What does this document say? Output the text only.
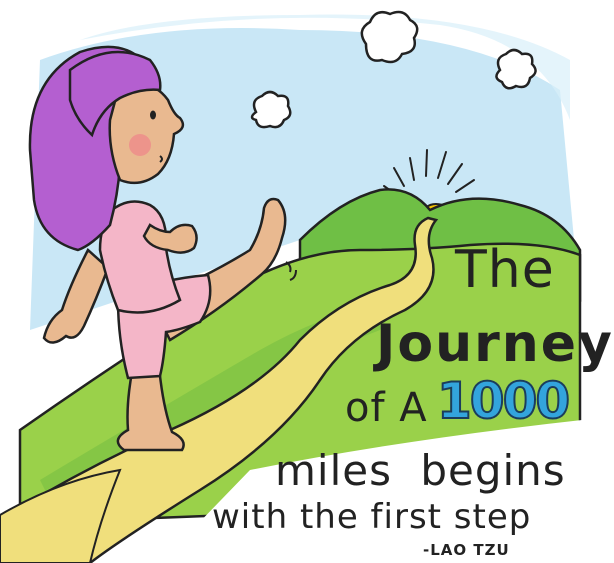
The
Journey
of A 1000
miles begins
with the first step
-LAO TZU
